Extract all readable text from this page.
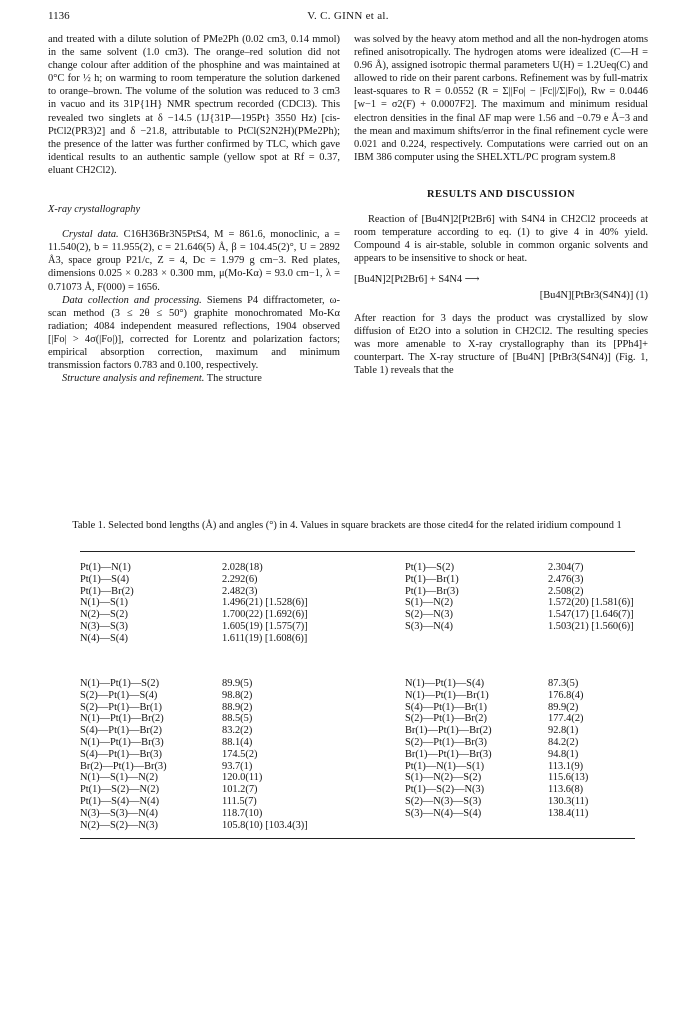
1136	V. C. GINN et al.

and treated with a dilute solution of PMe2Ph (0.02 cm3, 0.14 mmol) in the same solvent (1.0 cm3). The orange–red solution did not change colour after addition of the phosphine and was maintained at 0°C for ½ h; on warming to room temperature the solution darkened to orange–brown. The volume of the solution was reduced to 3 cm3 in vacuo and its 31P{1H} NMR spectrum recorded (CDCl3). This revealed two singlets at δ −14.5 (1J{31P—195Pt} 3550 Hz) [cis-PtCl2(PR3)2] and δ −21.8, attributable to PtCl(S2N2H)(PMe2Ph); the presence of the latter was further confirmed by TLC, which gave identical results to an authentic sample (yellow spot at Rf = 0.37, eluant CH2Cl2).

X-ray crystallography

Crystal data. C16H36Br3N5PtS4, M = 861.6, monoclinic, a = 11.540(2), b = 11.955(2), c = 21.646(5) Å, β = 104.45(2)°, U = 2892 Å3, space group P21/c, Z = 4, Dc = 1.979 g cm−3. Red plates, dimensions 0.025 × 0.283 × 0.300 mm, μ(Mo-Kα) = 93.0 cm−1, λ = 0.71073 Å, F(000) = 1656.

Data collection and processing. Siemens P4 diffractometer, ω-scan method (3 ≤ 2θ ≤ 50°) graphite monochromated Mo-Kα radiation; 4084 independent measured reflections, 1904 observed [|Fo| > 4σ(|Fo|)], corrected for Lorentz and polarization factors; empirical absorption correction, maximum and minimum transmission factors 0.783 and 0.100, respectively.

Structure analysis and refinement. The structure

was solved by the heavy atom method and all the non-hydrogen atoms refined anisotropically. The hydrogen atoms were idealized (C—H = 0.96 Å), assigned isotropic thermal parameters U(H) = 1.2Ueq(C) and allowed to ride on their parent carbons. Refinement was by full-matrix least-squares to R = 0.0552 (R = Σ||Fo| − |Fc||/Σ|Fo|), Rw = 0.0446 [w−1 = σ2(F) + 0.0007F2]. The maximum and minimum residual electron densities in the final ΔF map were 1.56 and −0.79 e Å−3 and the mean and maximum shifts/error in the final refinement cycle were 0.021 and 0.224, respectively. Computations were carried out on an IBM 386 computer using the SHELXTL/PC program system.8

RESULTS AND DISCUSSION

Reaction of [Bu4N]2[Pt2Br6] with S4N4 in CH2Cl2 proceeds at room temperature according to eq. (1) to give 4 in 40% yield. Compound 4 is air-stable, soluble in common organic solvents and appears to be insensitive to shock or heat.

[Bu4N]2[Pt2Br6] + S4N4 ⟶

[Bu4N][PtBr3(S4N4)] (1)

After reaction for 3 days the product was crystallized by slow diffusion of Et2O into a solution in CH2Cl2. The resulting species was more amenable to X-ray crystallography than its [PPh4]+ counterpart. The X-ray structure of [Bu4N] [PtBr3(S4N4)] (Fig. 1, Table 1) reveals that the

Table 1. Selected bond lengths (Å) and angles (°) in 4. Values in square brackets are those cited4 for the related iridium compound 1
Pt(1)—N(1)	2.028(18)	Pt(1)—S(2)	2.304(7)
Pt(1)—S(4)	2.292(6)	Pt(1)—Br(1)	2.476(3)
Pt(1)—Br(2)	2.482(3)	Pt(1)—Br(3)	2.508(2)
N(1)—S(1)	1.496(21) [1.528(6)]	S(1)—N(2)	1.572(20) [1.581(6)]
N(2)—S(2)	1.700(22) [1.692(6)]	S(2)—N(3)	1.547(17) [1.646(7)]
N(3)—S(3)	1.605(19) [1.575(7)]	S(3)—N(4)	1.503(21) [1.560(6)]
N(4)—S(4)	1.611(19) [1.608(6)]
N(1)—Pt(1)—S(2)	89.9(5)	N(1)—Pt(1)—S(4)	87.3(5)
S(2)—Pt(1)—S(4)	98.8(2)	N(1)—Pt(1)—Br(1)	176.8(4)
S(2)—Pt(1)—Br(1)	88.9(2)	S(4)—Pt(1)—Br(1)	89.9(2)
N(1)—Pt(1)—Br(2)	88.5(5)	S(2)—Pt(1)—Br(2)	177.4(2)
S(4)—Pt(1)—Br(2)	83.2(2)	Br(1)—Pt(1)—Br(2)	92.8(1)
N(1)—Pt(1)—Br(3)	88.1(4)	S(2)—Pt(1)—Br(3)	84.2(2)
S(4)—Pt(1)—Br(3)	174.5(2)	Br(1)—Pt(1)—Br(3)	94.8(1)
Br(2)—Pt(1)—Br(3)	93.7(1)	Pt(1)—N(1)—S(1)	113.1(9)
N(1)—S(1)—N(2)	120.0(11)	S(1)—N(2)—S(2)	115.6(13)
Pt(1)—S(2)—N(2)	101.2(7)	Pt(1)—S(2)—N(3)	113.6(8)
Pt(1)—S(4)—N(4)	111.5(7)	S(2)—N(3)—S(3)	130.3(11)
N(3)—S(3)—N(4)	118.7(10)	S(3)—N(4)—S(4)	138.4(11)
N(2)—S(2)—N(3)	105.8(10) [103.4(3)]
